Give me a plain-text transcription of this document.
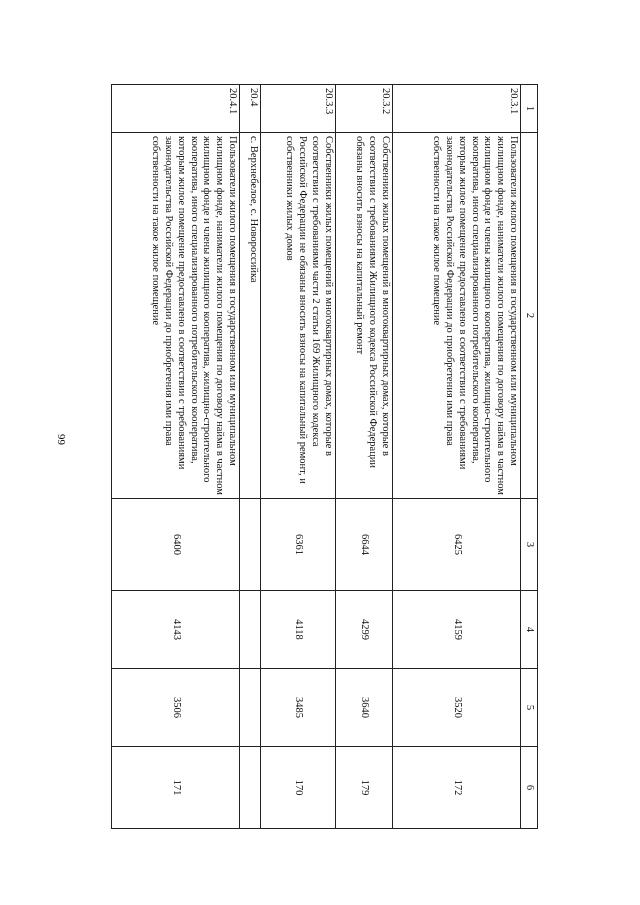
66
1	2	3	4	5	6
20.3.1	Пользователи жилого помещения в государственном или муниципальном жилищном фонде, наниматели жилого помещения по договору найма в частном жилищном фонде и члены жилищного кооператива, жилищно-строительного кооператива, иного специализированного потребительского кооператива, которым жилое помещение предоставлено в соответствии с требованиями законодательства Российской Федерации до приобретения ими права собственности на такое жилое помещение	6425	4159	3520	172
20.3.2	Собственники жилых помещений в многоквартирных домах, которые в соответствии с требованиями Жилищного кодекса Российской Федерации обязаны вносить взносы на капитальный ремонт	6644	4299	3640	179
20.3.3	Собственники жилых помещений в многоквартирных домах, которые в соответствии с требованиями части 2 статьи 169 Жилищного кодекса Российской Федерации не обязаны вносить взносы на капитальный ремонт, и собственники жилых домов	6361	4118	3485	170
20.4	с. Верхнебелое, с. Новороссийка				
20.4.1	Пользователи жилого помещения в государственном или муниципальном жилищном фонде, наниматели жилого помещения по договору найма в частном жилищном фонде и члены жилищного кооператива, жилищно-строительного кооператива, иного специализированного потребительского кооператива, которым жилое помещение предоставлено в соответствии с требованиями законодательства Российской Федерации до приобретения ими права собственности на такое жилое помещение	6400	4143	3506	171
